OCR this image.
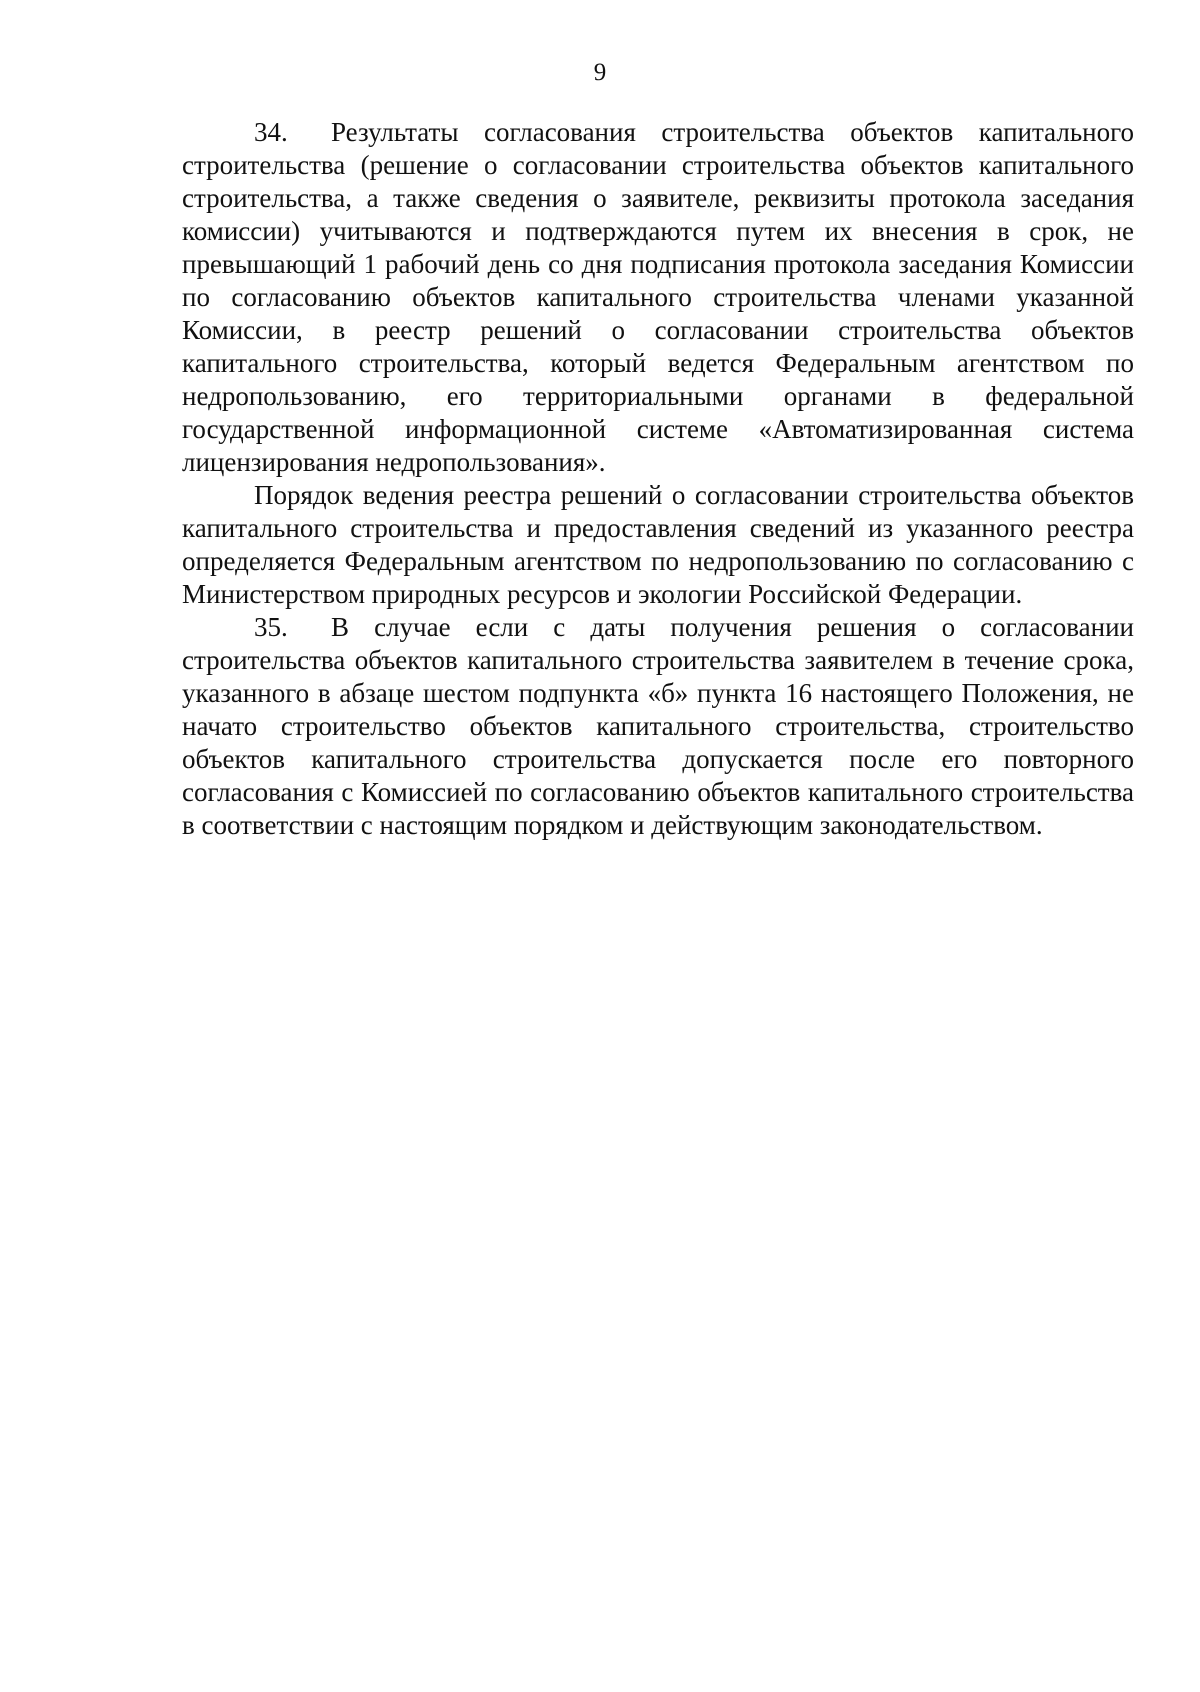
9

34. Результаты согласования строительства объектов капитального строительства (решение о согласовании строительства объектов капитального строительства, а также сведения о заявителе, реквизиты протокола заседания комиссии) учитываются и подтверждаются путем их внесения в срок, не превышающий 1 рабочий день со дня подписания протокола заседания Комиссии по согласованию объектов капитального строительства членами указанной Комиссии, в реестр решений о согласовании строительства объектов капитального строительства, который ведется Федеральным агентством по недропользованию, его территориальными органами в федеральной государственной информационной системе «Автоматизированная система лицензирования недропользования».

Порядок ведения реестра решений о согласовании строительства объектов капитального строительства и предоставления сведений из указанного реестра определяется Федеральным агентством по недропользованию по согласованию с Министерством природных ресурсов и экологии Российской Федерации.

35. В случае если с даты получения решения о согласовании строительства объектов капитального строительства заявителем в течение срока, указанного в абзаце шестом подпункта «б» пункта 16 настоящего Положения, не начато строительство объектов капитального строительства, строительство объектов капитального строительства допускается после его повторного согласования с Комиссией по согласованию объектов капитального строительства в соответствии с настоящим порядком и действующим законодательством.
